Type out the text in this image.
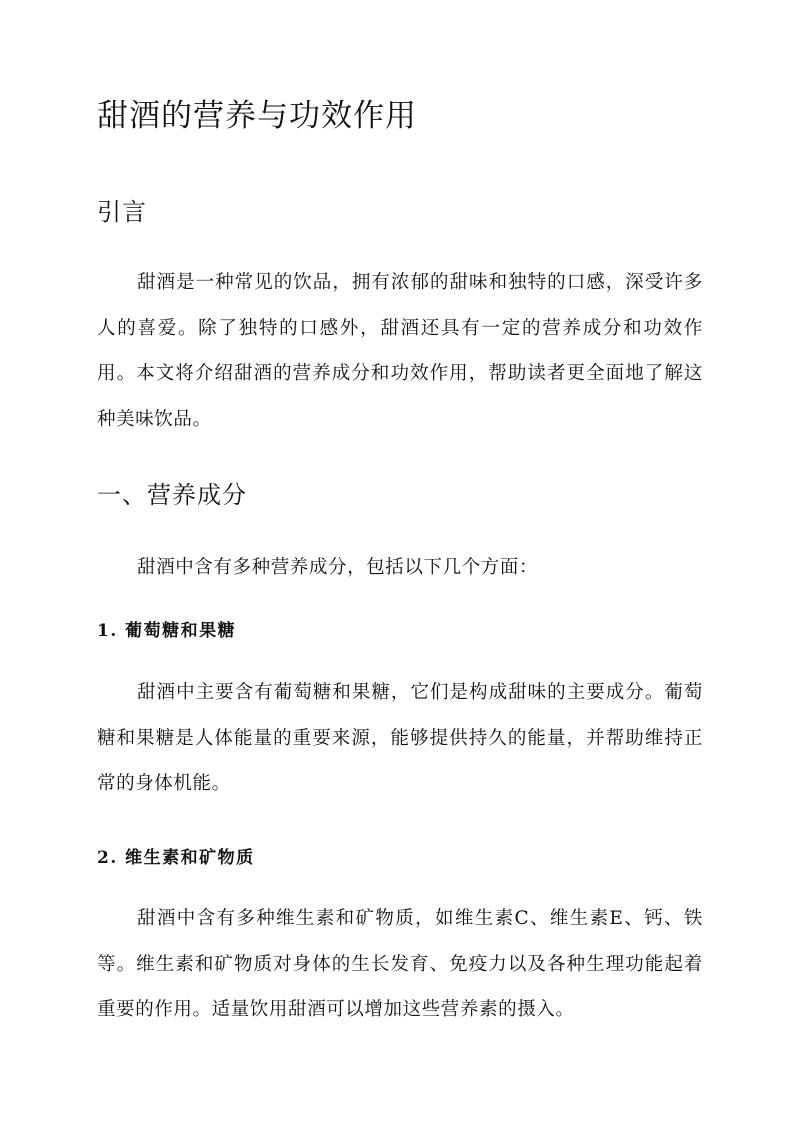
甜酒的营养与功效作用
引言

甜酒是一种常见的饮品，拥有浓郁的甜味和独特的口感，深受许多人的喜爱。除了独特的口感外，甜酒还具有一定的营养成分和功效作用。本文将介绍甜酒的营养成分和功效作用，帮助读者更全面地了解这种美味饮品。

一、营养成分

甜酒中含有多种营养成分，包括以下几个方面：

1. 葡萄糖和果糖

甜酒中主要含有葡萄糖和果糖，它们是构成甜味的主要成分。葡萄糖和果糖是人体能量的重要来源，能够提供持久的能量，并帮助维持正常的身体机能。

2. 维生素和矿物质

甜酒中含有多种维生素和矿物质，如维生素C、维生素E、钙、铁等。维生素和矿物质对身体的生长发育、免疫力以及各种生理功能起着重要的作用。适量饮用甜酒可以增加这些营养素的摄入。
